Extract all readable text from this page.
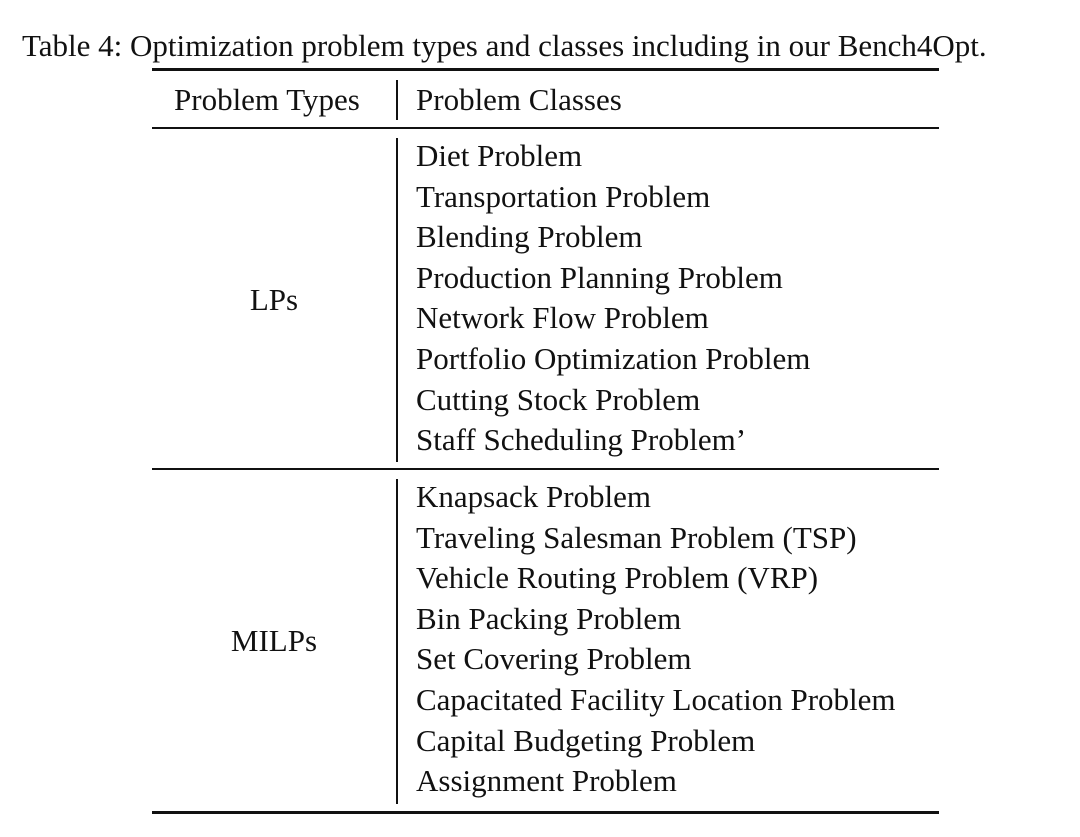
Table 4: Optimization problem types and classes including in our Bench4Opt.
Problem Types Problem Classes
LPs
Diet Problem
Transportation Problem
Blending Problem
Production Planning Problem
Network Flow Problem
Portfolio Optimization Problem
Cutting Stock Problem
Staff Scheduling Problem’
MILPs
Knapsack Problem
Traveling Salesman Problem (TSP)
Vehicle Routing Problem (VRP)
Bin Packing Problem
Set Covering Problem
Capacitated Facility Location Problem
Capital Budgeting Problem
Assignment Problem
